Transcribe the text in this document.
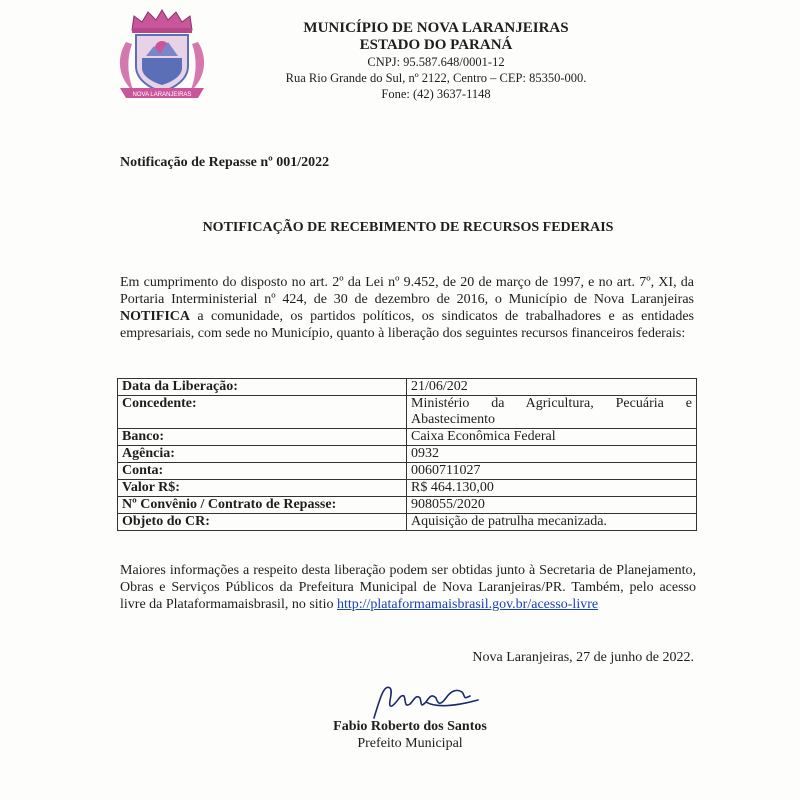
NOVA LARANJEIRAS
MUNICÍPIO DE NOVA LARANJEIRAS
ESTADO DO PARANÁ
CNPJ: 95.587.648/0001-12
Rua Rio Grande do Sul, nº 2122, Centro – CEP: 85350-000.
Fone: (42) 3637-1148
Notificação de Repasse nº 001/2022
NOTIFICAÇÃO DE RECEBIMENTO DE RECURSOS FEDERAIS
Em cumprimento do disposto no art. 2º da Lei nº 9.452, de 20 de março de 1997, e no art. 7º, XI, da Portaria Interministerial nº 424, de 30 de dezembro de 2016, o Município de Nova Laranjeiras NOTIFICA a comunidade, os partidos políticos, os sindicatos de trabalhadores e as entidades empresariais, com sede no Município, quanto à liberação dos seguintes recursos financeiros federais:
Data da Liberação:	21/06/202
Concedente:	Ministério da Agricultura, Pecuária e Abastecimento
Banco:	Caixa Econômica Federal
Agência:	0932
Conta:	0060711027
Valor R$:	R$ 464.130,00
Nº Convênio / Contrato de Repasse:	908055/2020
Objeto do CR:	Aquisição de patrulha mecanizada.
Maiores informações a respeito desta liberação podem ser obtidas junto à Secretaria de Planejamento, Obras e Serviços Públicos da Prefeitura Municipal de Nova Laranjeiras/PR. Também, pelo acesso livre da Plataformamaisbrasil, no sitio http://plataformamaisbrasil.gov.br/acesso-livre
Nova Laranjeiras, 27 de junho de 2022.
Fabio Roberto dos Santos
Prefeito Municipal
